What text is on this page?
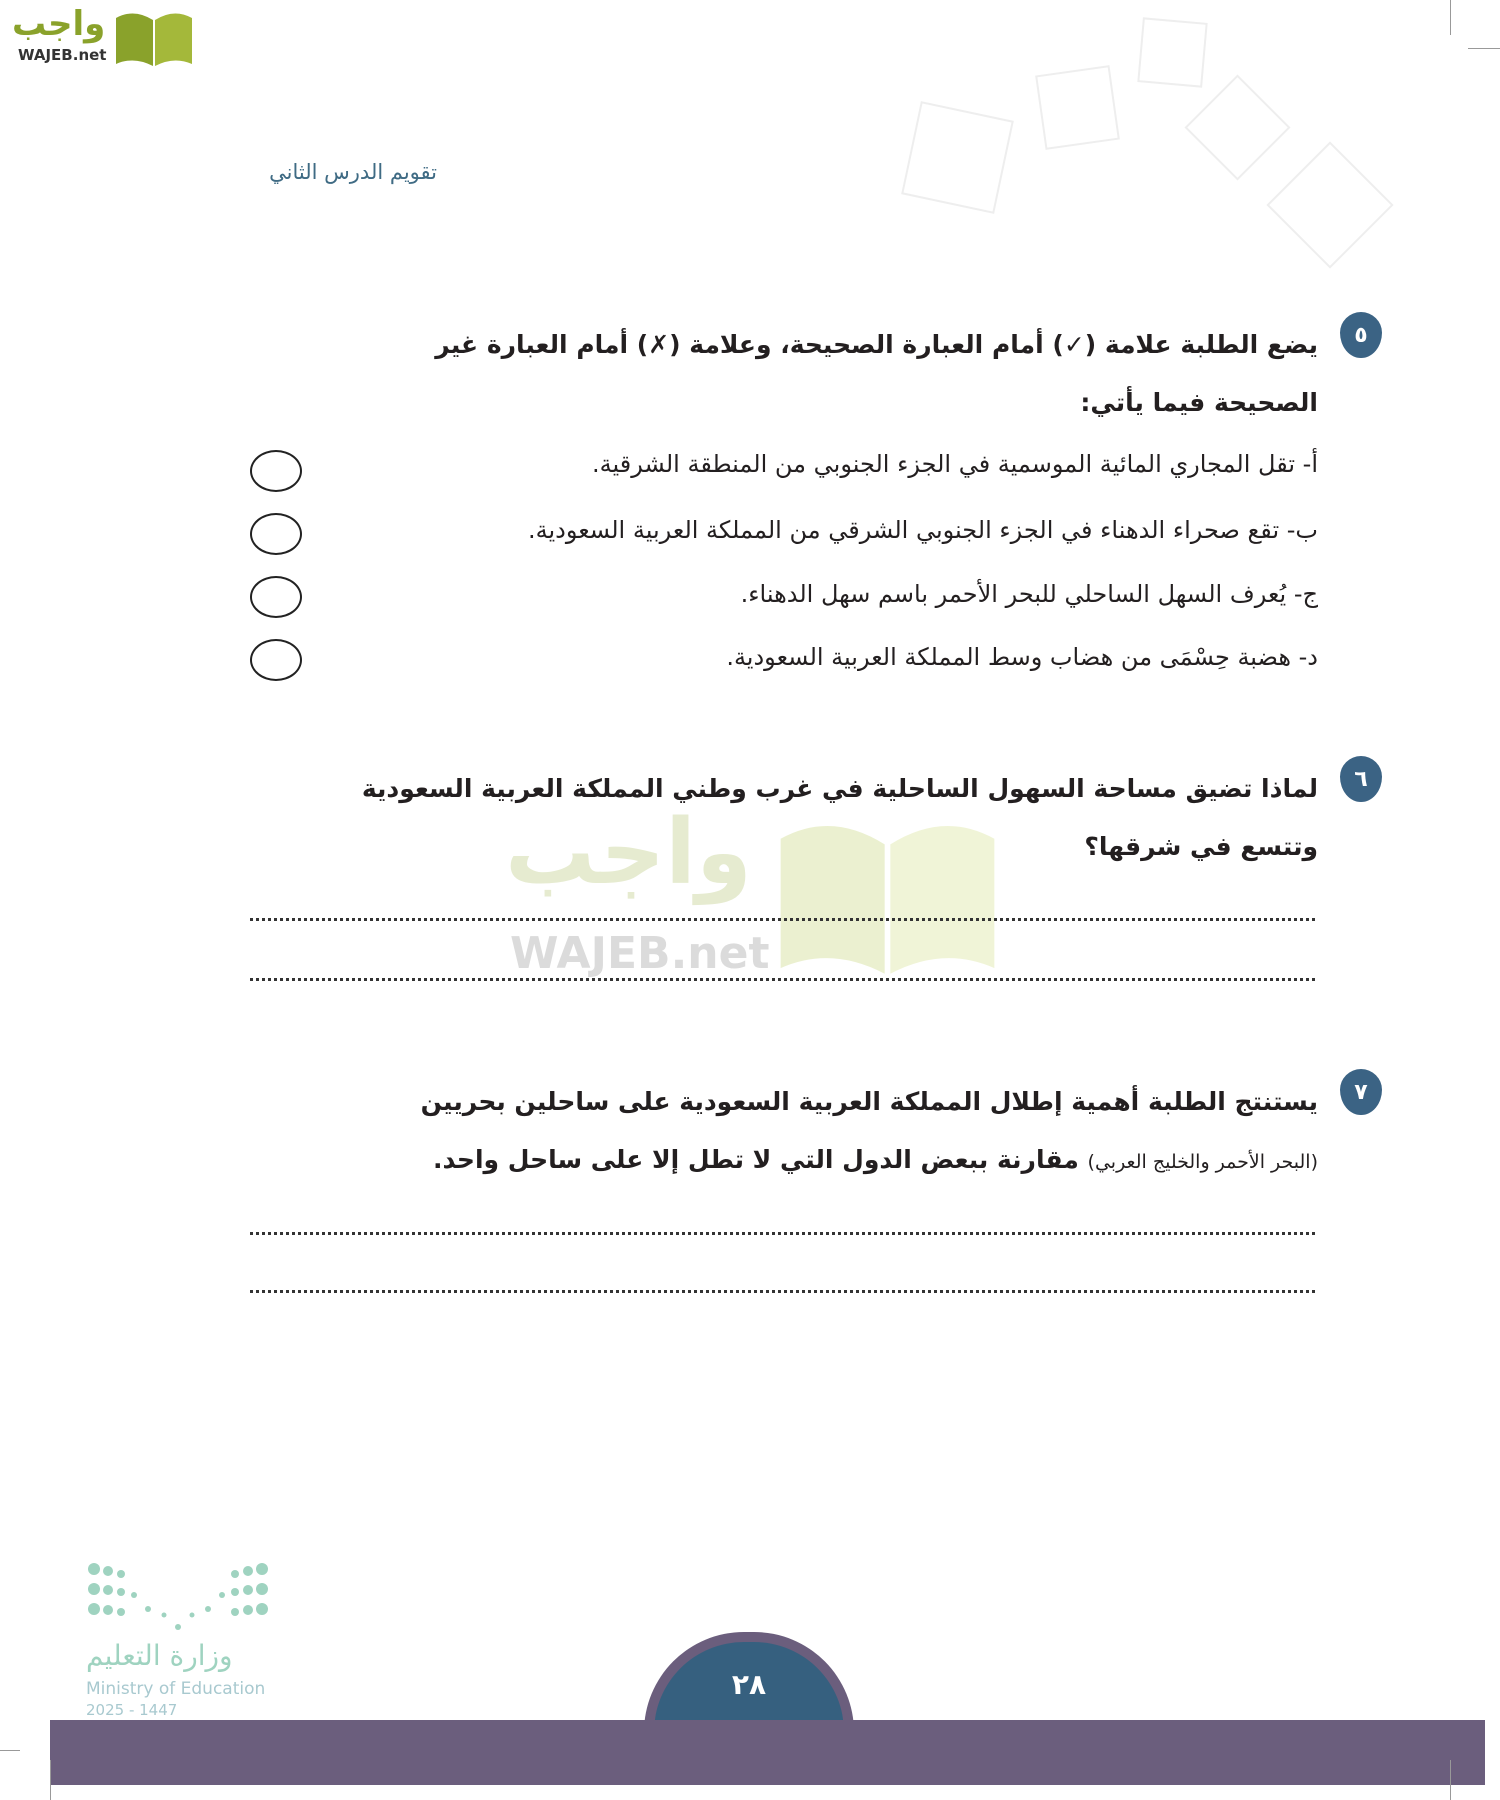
واجب
WAJEB.net
تقويم الدرس الثاني
٥
يضع الطلبة علامة (✓) أمام العبارة الصحيحة، وعلامة (✗) أمام العبارة غير
الصحيحة فيما يأتي:
أ- تقل المجاري المائية الموسمية في الجزء الجنوبي من المنطقة الشرقية.
ب- تقع صحراء الدهناء في الجزء الجنوبي الشرقي من المملكة العربية السعودية.
ج- يُعرف السهل الساحلي للبحر الأحمر باسم سهل الدهناء.
د- هضبة حِسْمَى من هضاب وسط المملكة العربية السعودية.
واجب
WAJEB.net
٦
لماذا تضيق مساحة السهول الساحلية في غرب وطني المملكة العربية السعودية
وتتسع في شرقها؟
٧
يستنتج الطلبة أهمية إطلال المملكة العربية السعودية على ساحلين بحريين
(البحر الأحمر والخليج العربي) مقارنة ببعض الدول التي لا تطل إلا على ساحل واحد.
وزارة التعليم
Ministry of Education
2025 - 1447
٢٨
